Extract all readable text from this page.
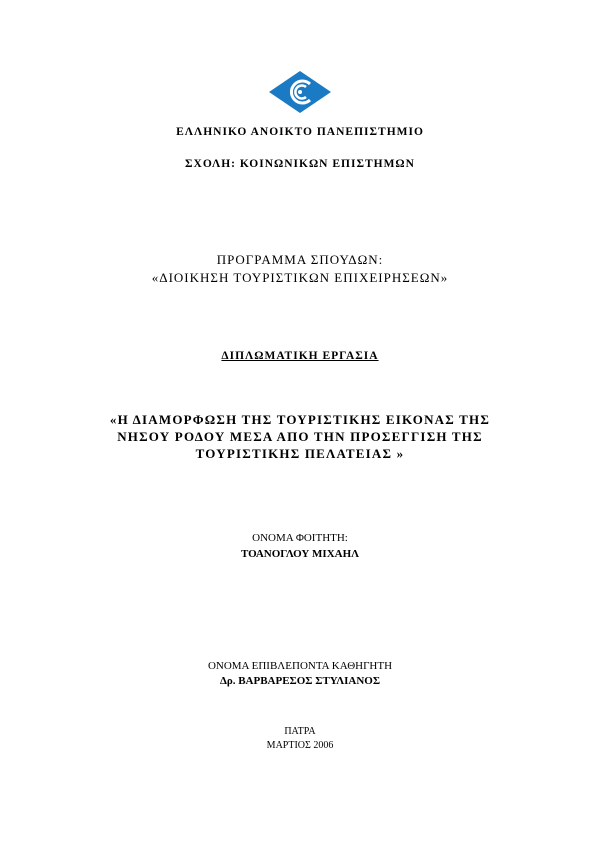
ΕΛΛΗΝΙΚΟ ΑΝΟΙΚΤΟ ΠΑΝΕΠΙΣΤΗΜΙΟ
ΣΧΟΛΗ: ΚΟΙΝΩΝΙΚΩΝ ΕΠΙΣΤΗΜΩΝ
ΠΡΟΓΡΑΜΜΑ ΣΠΟΥΔΩΝ:
«ΔΙΟΙΚΗΣΗ ΤΟΥΡΙΣΤΙΚΩΝ ΕΠΙΧΕΙΡΗΣΕΩΝ»
ΔΙΠΛΩΜΑΤΙΚΗ ΕΡΓΑΣΙΑ
«Η ΔΙΑΜΟΡΦΩΣΗ ΤΗΣ ΤΟΥΡΙΣΤΙΚΗΣ ΕΙΚΟΝΑΣ ΤΗΣ
ΝΗΣΟΥ ΡΟΔΟΥ ΜΕΣΑ ΑΠΟ ΤΗΝ ΠΡΟΣΕΓΓΙΣΗ ΤΗΣ
ΤΟΥΡΙΣΤΙΚΗΣ ΠΕΛΑΤΕΙΑΣ »
ΟΝΟΜΑ ΦΟΙΤΗΤΗ:
ΤΟΑΝΟΓΛΟΥ ΜΙΧΑΗΛ
ΟΝΟΜΑ ΕΠΙΒΛΕΠΟΝΤΑ ΚΑΘΗΓΗΤΗ
Δρ. ΒΑΡΒΑΡΕΣΟΣ ΣΤΥΛΙΑΝΟΣ
ΠΑΤΡΑ
ΜΑΡΤΙΟΣ 2006
